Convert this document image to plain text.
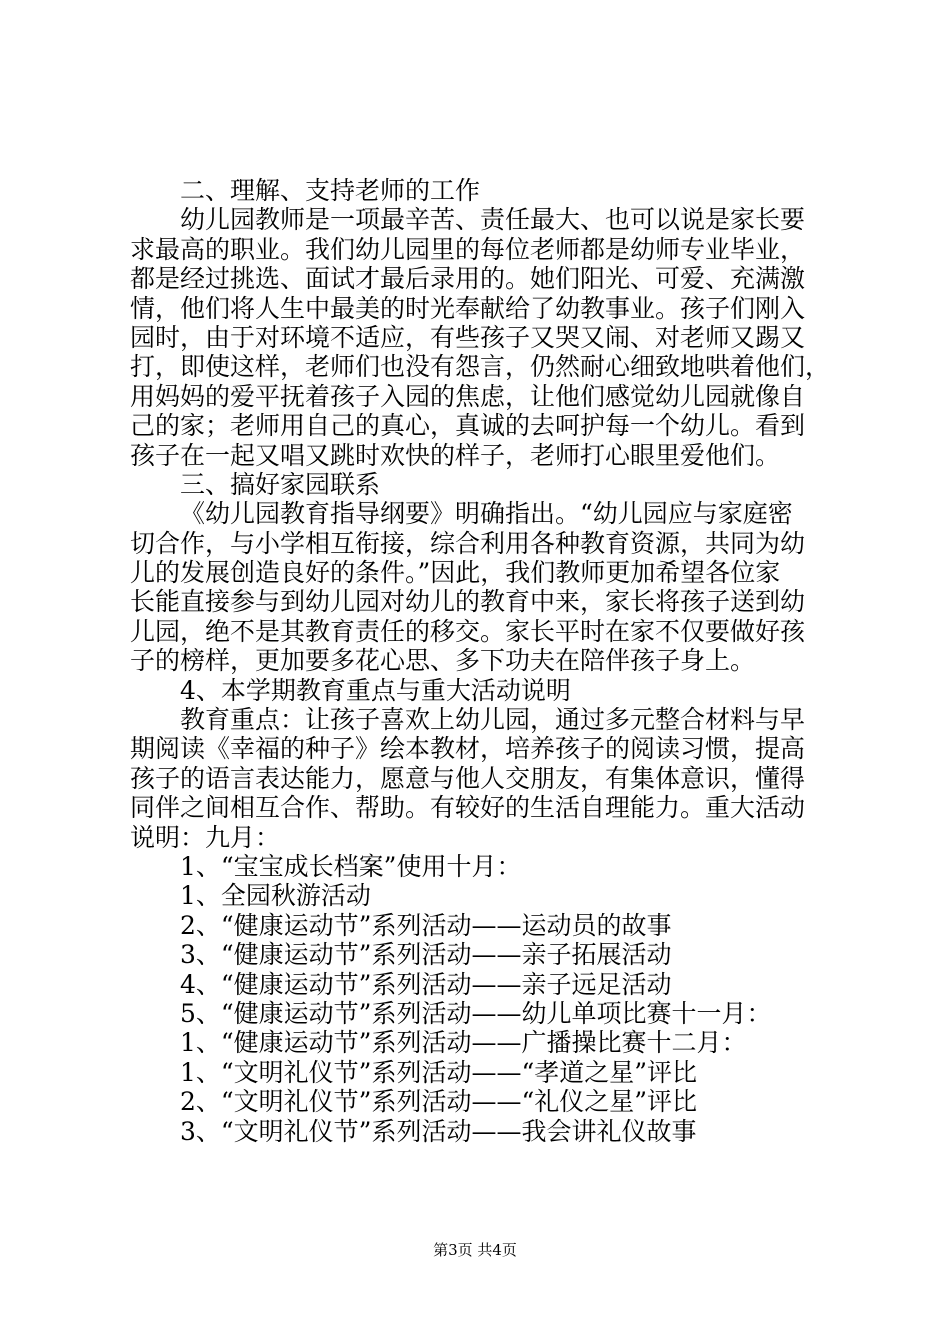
二、理解、支持老师的工作
幼儿园教师是一项最辛苦、责任最大、也可以说是家长要
求最高的职业。我们幼儿园里的每位老师都是幼师专业毕业，
都是经过挑选、面试才最后录用的。她们阳光、可爱、充满激
情，他们将人生中最美的时光奉献给了幼教事业。孩子们刚入
园时，由于对环境不适应，有些孩子又哭又闹、对老师又踢又
打，即使这样，老师们也没有怨言，仍然耐心细致地哄着他们，
用妈妈的爱平抚着孩子入园的焦虑，让他们感觉幼儿园就像自
己的家；老师用自己的真心，真诚的去呵护每一个幼儿。看到
孩子在一起又唱又跳时欢快的样子，老师打心眼里爱他们。
三、搞好家园联系
《幼儿园教育指导纲要》明确指出。“幼儿园应与家庭密
切合作，与小学相互衔接，综合利用各种教育资源，共同为幼
儿的发展创造良好的条件。”因此，我们教师更加希望各位家
长能直接参与到幼儿园对幼儿的教育中来，家长将孩子送到幼
儿园，绝不是其教育责任的移交。家长平时在家不仅要做好孩
子的榜样，更加要多花心思、多下功夫在陪伴孩子身上。
4、本学期教育重点与重大活动说明
教育重点：让孩子喜欢上幼儿园，通过多元整合材料与早
期阅读《幸福的种子》绘本教材，培养孩子的阅读习惯，提高
孩子的语言表达能力，愿意与他人交朋友，有集体意识，懂得
同伴之间相互合作、帮助。有较好的生活自理能力。重大活动
说明：九月：
1、“宝宝成长档案”使用十月：
1、全园秋游活动
2、“健康运动节”系列活动——运动员的故事
3、“健康运动节”系列活动——亲子拓展活动
4、“健康运动节”系列活动——亲子远足活动
5、“健康运动节”系列活动——幼儿单项比赛十一月：
1、“健康运动节”系列活动——广播操比赛十二月：
1、“文明礼仪节”系列活动——“孝道之星”评比
2、“文明礼仪节”系列活动——“礼仪之星”评比
3、“文明礼仪节”系列活动——我会讲礼仪故事
第3页 共4页
